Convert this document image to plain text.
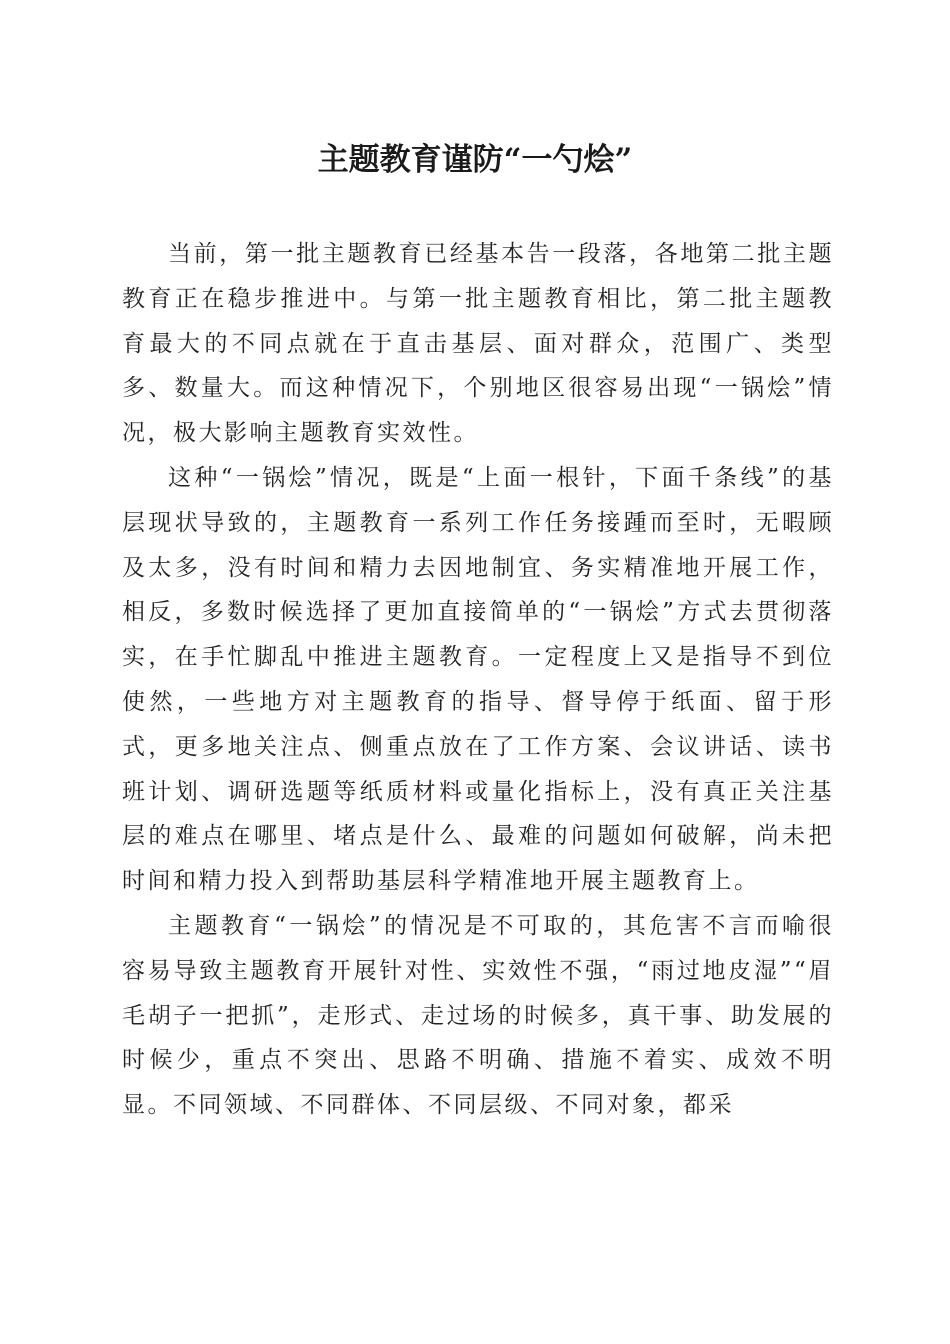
主题教育谨防“一勺烩”

当前，第一批主题教育已经基本告一段落，各地第二批主题教育正在稳步推进中。与第一批主题教育相比，第二批主题教育最大的不同点就在于直击基层、面对群众，范围广、类型多、数量大。而这种情况下，个别地区很容易出现“一锅烩”情况，极大影响主题教育实效性。

这种“一锅烩”情况，既是“上面一根针，下面千条线”的基层现状导致的，主题教育一系列工作任务接踵而至时，无暇顾及太多，没有时间和精力去因地制宜、务实精准地开展工作，相反，多数时候选择了更加直接简单的“一锅烩”方式去贯彻落实，在手忙脚乱中推进主题教育。一定程度上又是指导不到位使然，一些地方对主题教育的指导、督导停于纸面、留于形式，更多地关注点、侧重点放在了工作方案、会议讲话、读书班计划、调研选题等纸质材料或量化指标上，没有真正关注基层的难点在哪里、堵点是什么、最难的问题如何破解，尚未把时间和精力投入到帮助基层科学精准地开展主题教育上。

主题教育“一锅烩”的情况是不可取的，其危害不言而喻很容易导致主题教育开展针对性、实效性不强，“雨过地皮湿”“眉毛胡子一把抓”，走形式、走过场的时候多，真干事、助发展的时候少，重点不突出、思路不明确、措施不着实、成效不明显。不同领域、不同群体、不同层级、不同对象，都采
